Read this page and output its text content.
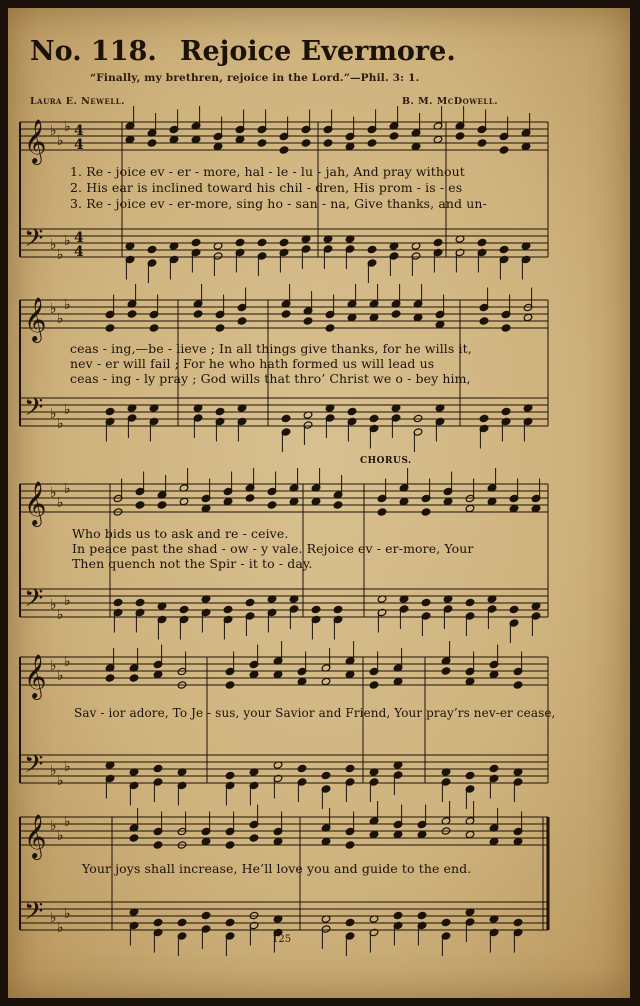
No. 118. Rejoice Evermore.
“Finally, my brethren, rejoice in the Lord.”—Phil. 3: 1.
Laura E. Newell.	B. M. McDowell.
𝄞 ♭
♭
♭ 4
4
𝄢 ♭
♭
♭ 4
4
𝄞 ♭
♭
♭
𝄢 ♭
♭
♭
𝄞 ♭
♭
♭
𝄢 ♭
♭
♭
𝄞 ♭
♭
♭
𝄢 ♭
♭
♭
𝄞 ♭
♭
♭
𝄢 ♭
♭
♭
1. Re - joice ev - er - more, hal - le - lu - jah, And pray without
2. His ear is inclined toward his chil - dren, His prom - is - es
3. Re - joice ev - er-more, sing ho - san - na, Give thanks, and un-
ceas - ing,—be - lieve ; In all things give thanks, for he wills it,
nev - er will fail ; For he who hath formed us will lead us
ceas - ing - ly pray ; God wills that thro’ Christ we o - bey him,
CHORUS.
Who bids us to ask and re - ceive.
In peace past the shad - ow - y vale. Rejoice ev - er-more, Your
Then quench not the Spir - it to - day.
Sav - ior adore, To Je - sus, your Savior and Friend, Your pray’rs nev-er cease,
Your joys shall increase, He’ll love you and guide to the end.
125
